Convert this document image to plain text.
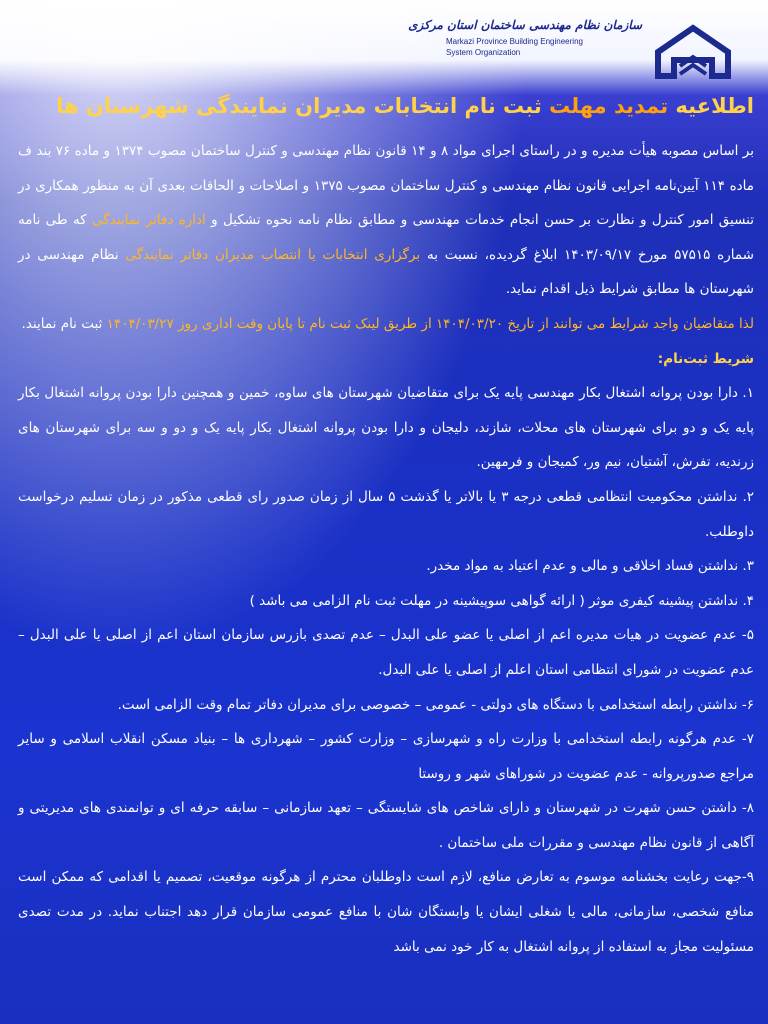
سازمان نظام مهندسی ساختمان استان مرکزی
Markazi Province Building Engineering
System Organization
اطلاعیه تمدید مهلت ثبت نام انتخابات مدیران نمایندگی شهرستان ها

بر اساس مصوبه هیأت مدیره و در راستای اجرای مواد ۸ و ۱۴ قانون نظام مهندسی و کنترل ساختمان مصوب ۱۳۷۴ و ماده ۷۶ بند ف ماده ۱۱۴ آیین‌نامه اجرایی قانون نظام مهندسی و کنترل ساختمان مصوب ۱۳۷۵ و اصلاحات و الحاقات بعدی آن به منظور همکاری در تنسیق امور کنترل و نظارت بر حسن انجام خدمات مهندسی و مطابق نظام نامه نحوه تشکیل و اداره دفاتر نمایندگی که طی نامه شماره ۵۷۵۱۵ مورخ ۱۴۰۳/۰۹/۱۷ ابلاغ گردیده، نسبت به برگزاری انتخابات یا انتصاب مدیران دفاتر نمایندگی نظام مهندسی در شهرستان ها مطابق شرایط ذیل اقدام نماید.

لذا متقاضیان واجد شرایط می توانند از تاریخ ۱۴۰۴/۰۳/۲۰ از طریق لینک ثبت نام تا پایان وقت اداری روز ۱۴۰۴/۰۳/۲۷ ثبت نام نمایند.

شریط ثبت‌نام:

۱. دارا بودن پروانه اشتغال بکار مهندسی پایه یک برای متقاضیان شهرستان های ساوه، خمین و همچنین دارا بودن پروانه اشتغال بکار پایه یک و دو برای شهرستان های محلات، شازند، دلیجان و دارا بودن پروانه اشتغال بکار پایه یک و دو و سه برای شهرستان های زرندیه، تفرش، آشتیان، نیم ور، کمیجان و فرمهین.

۲. نداشتن محکومیت انتظامی قطعی درجه ۳ یا بالاتر یا گذشت ۵ سال از زمان صدور رای قطعی مذکور در زمان تسلیم درخواست داوطلب.

۳. نداشتن فساد اخلاقی و مالی و عدم اعتیاد به مواد مخدر.

۴. نداشتن پیشینه کیفری موثر ( ارائه گواهی سوپیشینه در مهلت ثبت نام الزامی می باشد )

۵- عدم عضویت در هیات مدیره اعم از اصلی یا عضو علی البدل – عدم تصدی بازرس سازمان استان اعم از اصلی یا علی البدل – عدم عضویت در شورای انتظامی استان اعلم از اصلی یا علی البدل.

۶- نداشتن رابطه استخدامی با دستگاه های دولتی - عمومی – خصوصی برای مدیران دفاتر تمام وقت الزامی است.

۷- عدم هرگونه رابطه استخدامی با وزارت راه و شهرسازی – وزارت کشور – شهرداری ها – بنیاد مسکن انقلاب اسلامی و سایر مراجع صدورپروانه - عدم عضویت در شوراهای شهر و روستا

۸- داشتن حسن شهرت در شهرستان و دارای شاخص های شایستگی – تعهد سازمانی – سابقه حرفه ای و توانمندی های مدیریتی و آگاهی از قانون نظام مهندسی و مقررات ملی ساختمان .

۹-جهت رعایت بخشنامه موسوم به تعارض منافع، لازم است داوطلبان محترم از هرگونه موقعیت، تصمیم یا اقدامی که ممکن است منافع شخصی، سازمانی، مالی یا شغلی ایشان یا وابستگان شان با منافع عمومی سازمان قرار دهد اجتناب نماید. در مدت تصدی مسئولیت مجاز به استفاده از پروانه اشتغال به کار خود نمی باشد
